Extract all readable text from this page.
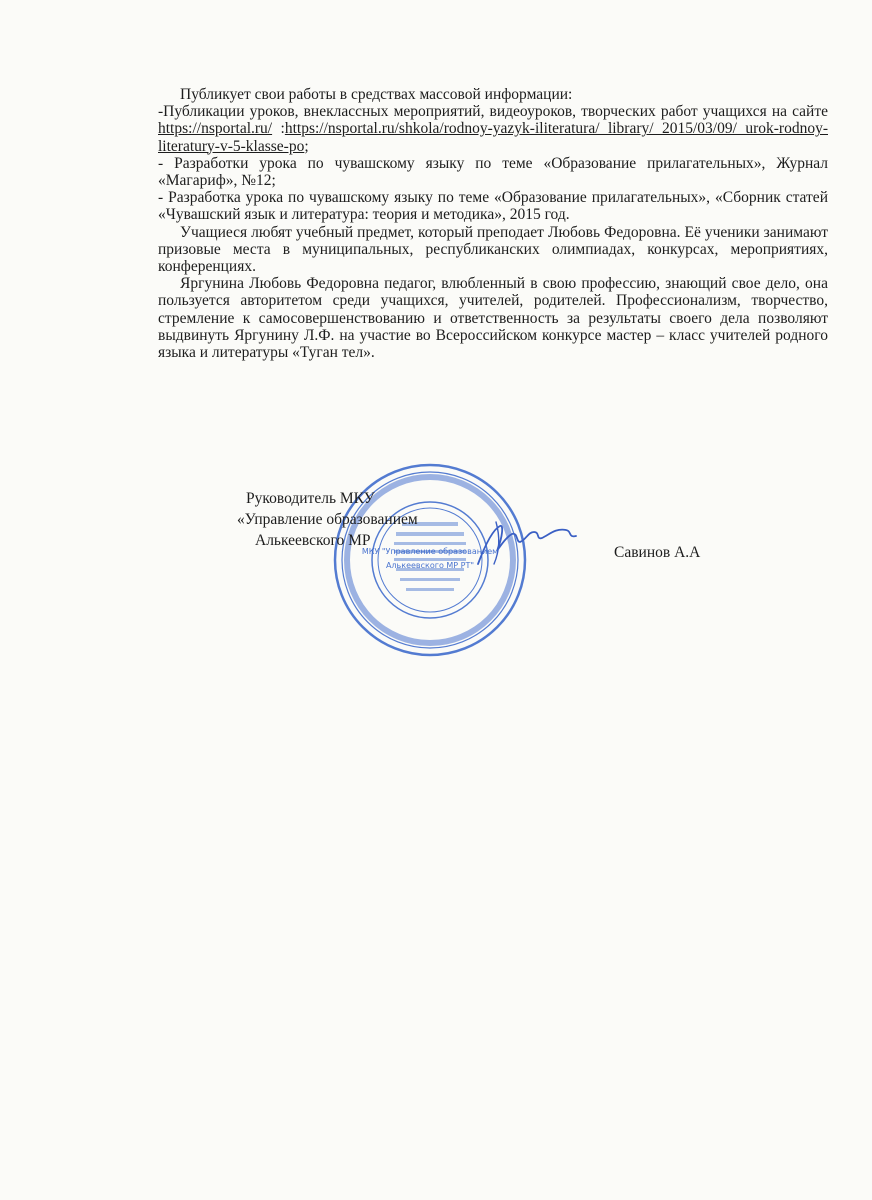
Публикует свои работы в средствах массовой информации:

-Публикации уроков, внеклассных мероприятий, видеоуроков, творческих работ учащихся на сайте https://nsportal.ru/ :https://nsportal.ru/shkola/rodnoy-yazyk-iliteratura/ library/ 2015/03/09/ urok-rodnoy-literatury-v-5-klasse-po;

- Разработки урока по чувашскому языку по теме «Образование прилагательных», Журнал «Магариф», №12;

- Разработка урока по чувашскому языку по теме «Образование прилагательных», «Сборник статей «Чувашский язык и литература: теория и методика», 2015 год.

Учащиеся любят учебный предмет, который преподает Любовь Федоровна. Её ученики занимают призовые места в муниципальных, республиканских олимпиадах, конкурсах, мероприятиях, конференциях.

Яргунина Любовь Федоровна педагог, влюбленный в свою профессию, знающий свое дело, она пользуется авторитетом среди учащихся, учителей, родителей. Профессионализм, творчество, стремление к самосовершенствованию и ответственность за результаты своего дела позволяют выдвинуть Яргунину Л.Ф. на участие во Всероссийском конкурсе мастер – класс учителей родного языка и литературы «Туган тел».

МКУ "Управление образованием
Алькеевского МР РТ"
Руководитель МКУ
«Управление образованием
Алькеевского МР
Савинов А.А
